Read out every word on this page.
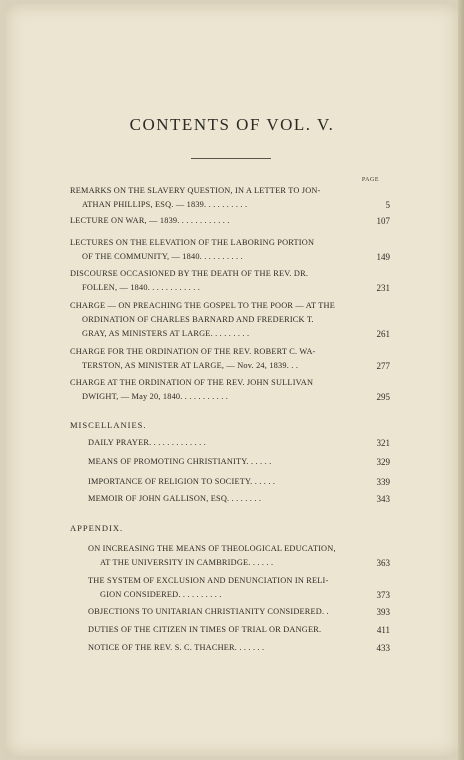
CONTENTS OF VOL. V.
PAGE
REMARKS ON THE SLAVERY QUESTION, IN A LETTER TO JON-
ATHAN PHILLIPS, ESQ. — 1839. . . . . . . . . .	5
LECTURE ON WAR, — 1839. . . . . . . . . . . .	107
LECTURES ON THE ELEVATION OF THE LABORING PORTION
OF THE COMMUNITY, — 1840. . . . . . . . . .	149
DISCOURSE OCCASIONED BY THE DEATH OF THE REV. DR.
FOLLEN, — 1840. . . . . . . . . . . .	231
CHARGE — ON PREACHING THE GOSPEL TO THE POOR — AT THE
ORDINATION OF CHARLES BARNARD AND FREDERICK T.
GRAY, AS MINISTERS AT LARGE. . . . . . . . .	261
CHARGE FOR THE ORDINATION OF THE REV. ROBERT C. WA-
TERSTON, AS MINISTER AT LARGE, — Nov. 24, 1839. . .	277
CHARGE AT THE ORDINATION OF THE REV. JOHN SULLIVAN
DWIGHT, — May 20, 1840. . . . . . . . . . .	295
MISCELLANIES.
DAILY PRAYER. . . . . . . . . . . . .	321
MEANS OF PROMOTING CHRISTIANITY. . . . . .	329
IMPORTANCE OF RELIGION TO SOCIETY. . . . . .	339
MEMOIR OF JOHN GALLISON, ESQ. . . . . . . .	343
APPENDIX.
ON INCREASING THE MEANS OF THEOLOGICAL EDUCATION,
AT THE UNIVERSITY IN CAMBRIDGE. . . . . .	363
THE SYSTEM OF EXCLUSION AND DENUNCIATION IN RELI-
GION CONSIDERED. . . . . . . . . .	373
OBJECTIONS TO UNITARIAN CHRISTIANITY CONSIDERED. .	393
DUTIES OF THE CITIZEN IN TIMES OF TRIAL OR DANGER.	411
NOTICE OF THE REV. S. C. THACHER. . . . . . .	433
